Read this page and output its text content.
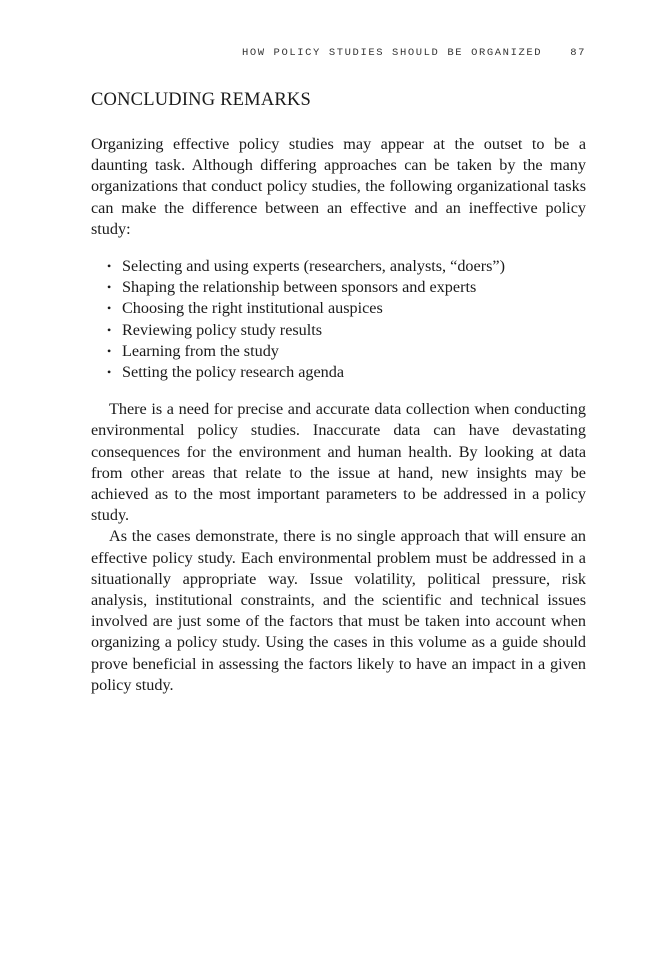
HOW POLICY STUDIES SHOULD BE ORGANIZED	87
CONCLUDING REMARKS

Organizing effective policy studies may appear at the outset to be a daunting task. Although differing approaches can be taken by the many organizations that conduct policy studies, the following organizational tasks can make the difference between an effective and an ineffective policy study:

• Selecting and using experts (researchers, analysts, “doers”)
• Shaping the relationship between sponsors and experts
• Choosing the right institutional auspices
• Reviewing policy study results
• Learning from the study
• Setting the policy research agenda

There is a need for precise and accurate data collection when conducting environmental policy studies. Inaccurate data can have devastating consequences for the environment and human health. By looking at data from other areas that relate to the issue at hand, new insights may be achieved as to the most important parameters to be addressed in a policy study.

As the cases demonstrate, there is no single approach that will ensure an effective policy study. Each environmental problem must be addressed in a situationally appropriate way. Issue volatility, political pressure, risk analysis, institutional constraints, and the scientific and technical issues involved are just some of the factors that must be taken into account when organizing a policy study. Using the cases in this volume as a guide should prove beneficial in assessing the factors likely to have an impact in a given policy study.
